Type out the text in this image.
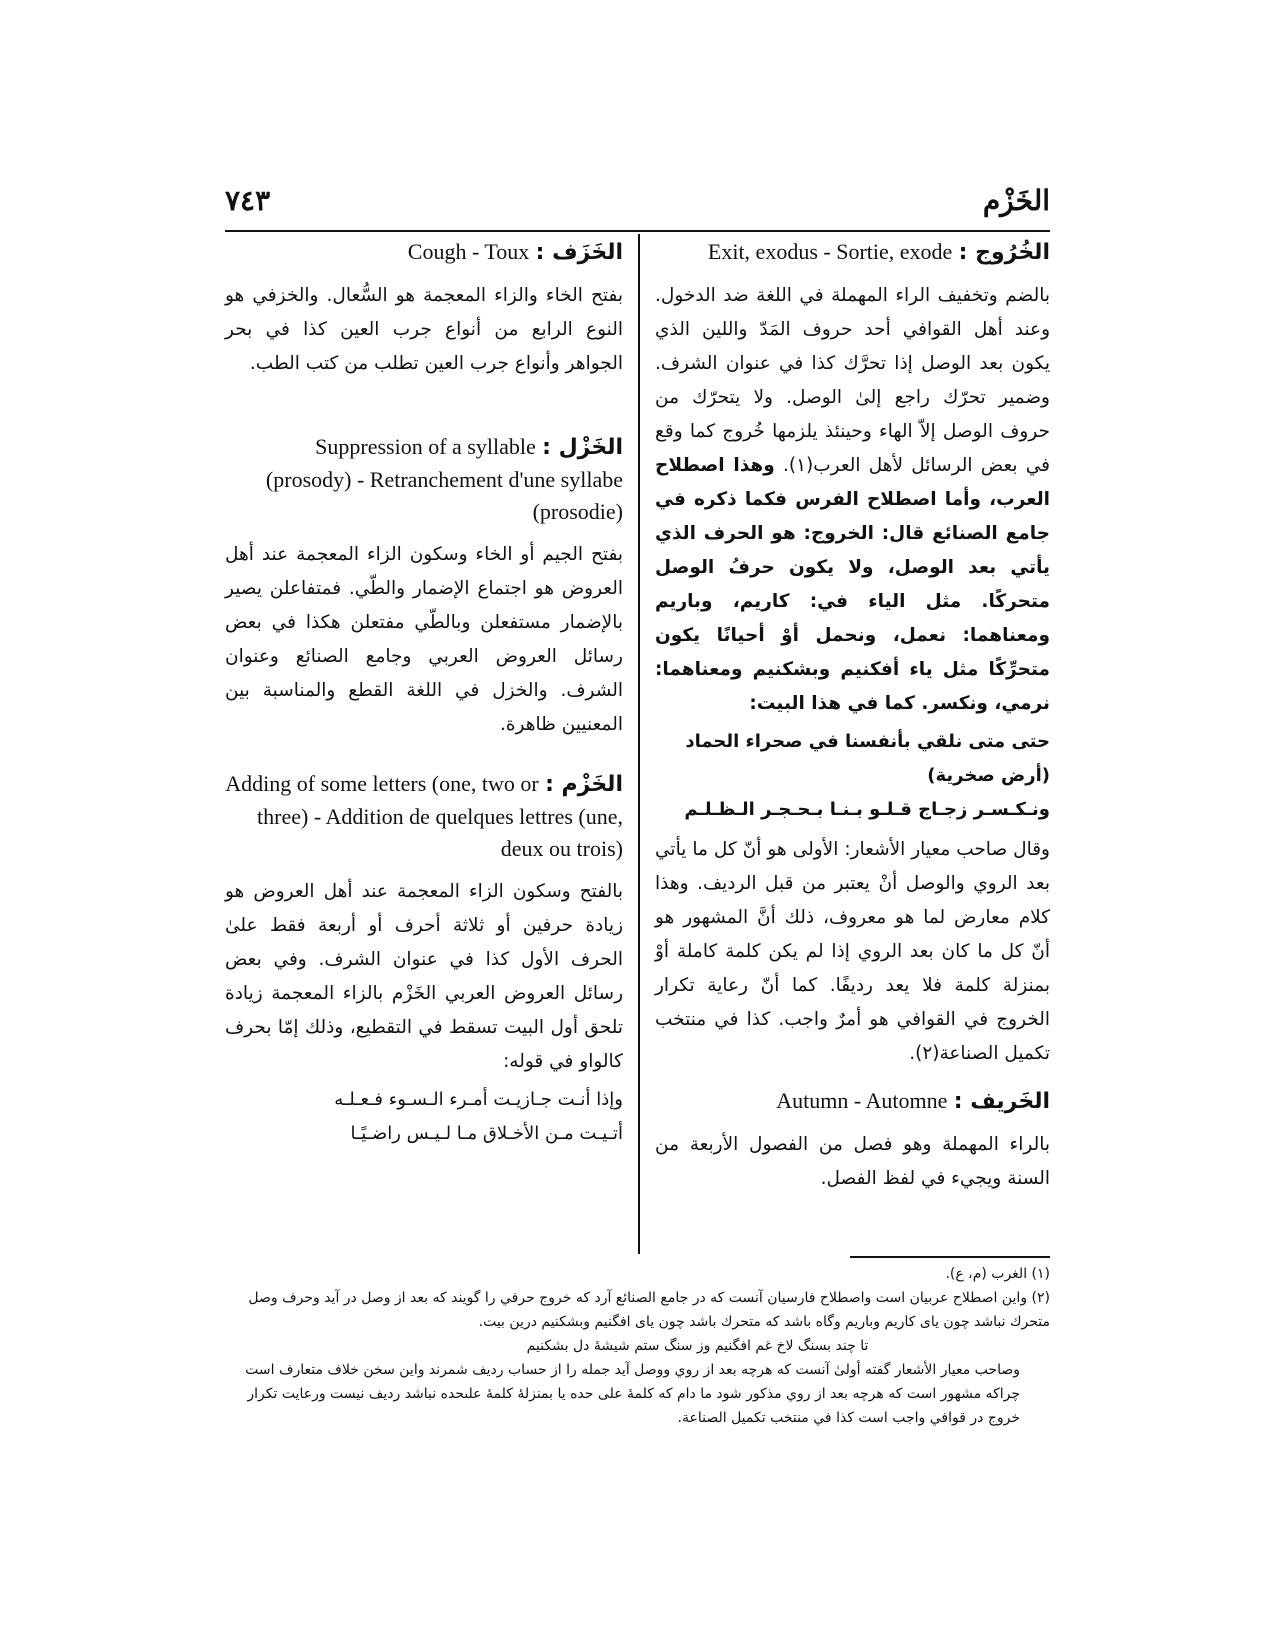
الخَزْم
٧٤٣
الخُرُوج : Exit, exodus - Sortie, exode
بالضم وتخفيف الراء المهملة في اللغة ضد الدخول. وعند أهل القوافي أحد حروف المَدّ واللين الذي يكون بعد الوصل إذا تحرَّك كذا في عنوان الشرف. وضمير تحرّك راجع إلىٰ الوصل. ولا يتحرّك من حروف الوصل إلاّ الهاء وحينئذ يلزمها خُروج كما وقع في بعض الرسائل لأهل العرب(١). وهذا اصطلاح العرب، وأما اصطلاح الفرس فكما ذكره في جامع الصنائع قال: الخروج: هو الحرف الذي يأتي بعد الوصل، ولا يكون حرفُ الوصل متحركًا. مثل الياء في: كاريم، وباريم ومعناهما: نعمل، ونحمل أوْ أحيانًا يكون متحرِّكًا مثل ياء أفكنيم وبشكنيم ومعناهما: نرمي، ونكسر. كما في هذا البيت:
حتى متى نلقي بأنفسنا في صحراء الحماد (أرض صخرية)
ونـكـسـر زجـاج قـلـو بـنـا بـحـجـر الـظـلـم
وقال صاحب معيار الأشعار: الأولى هو أنّ كل ما يأتي بعد الروي والوصل أنْ يعتبر من قبل الرديف. وهذا كلام معارض لما هو معروف، ذلك أنَّ المشهور هو أنّ كل ما كان بعد الروي إذا لم يكن كلمة كاملة أوْ بمنزلة كلمة فلا يعد رديفًا. كما أنّ رعاية تكرار الخروج في القوافي هو أمرٌ واجب. كذا في منتخب تكميل الصناعة(٢).
الخَريف : Autumn - Automne
بالراء المهملة وهو فصل من الفصول الأربعة من السنة ويجيء في لفظ الفصل.
الخَزَف : Cough - Toux
بفتح الخاء والزاء المعجمة هو السُّعال. والخزفي هو النوع الرابع من أنواع جرب العين كذا في بحر الجواهر وأنواع جرب العين تطلب من كتب الطب.
الخَزْل : Suppression of a syllable (prosody) - Retranchement d'une syllabe (prosodie)
بفتح الجيم أو الخاء وسكون الزاء المعجمة عند أهل العروض هو اجتماع الإضمار والطّي. فمتفاعلن يصير بالإضمار مستفعلن وبالطّي مفتعلن هكذا في بعض رسائل العروض العربي وجامع الصنائع وعنوان الشرف. والخزل في اللغة القطع والمناسبة بين المعنيين ظاهرة.
الخَزْم : Adding of some letters (one, two or three) - Addition de quelques lettres (une, deux ou trois)
بالفتح وسكون الزاء المعجمة عند أهل العروض هو زيادة حرفين أو ثلاثة أحرف أو أربعة فقط علىٰ الحرف الأول كذا في عنوان الشرف. وفي بعض رسائل العروض العربي الخَزْم بالزاء المعجمة زيادة تلحق أول البيت تسقط في التقطيع، وذلك إمّا بحرف كالواو في قوله:
وإذا أنـت جـازيـت أمـرء الـسـوء فـعـلـه
أتـيـت مـن الأخـلاق مـا لـيـس راضـيًـا

(١) الغرب (م، ع).

(٢) واين اصطلاح عربيان است واصطلاح فارسيان آنست كه در جامع الصنائع آرد كه خروج حرفي را گويند كه بعد از وصل در آيد وحرف وصل متحرك نباشد چون ياى كاريم وباريم وگاه باشد كه متحرك باشد چون ياى افگنيم وبشكنيم درين بيت.

تا چند بسنگ لاخ غم افگنيم وز سنگ ستم شيشهٔ دل بشكنيم

وصاحب معيار الأشعار گفته أولىٰ آنست كه هرچه بعد از روي ووصل آيد جمله را از حساب رديف شمرند واين سخن خلاف متعارف است چراكه مشهور است كه هرچه بعد از روي مذكور شود ما دام كه كلمهٔ على حده يا بمنزلهٔ كلمهٔ علىحده نباشد رديف نيست ورعايت تكرار خروج در قوافي واجب است كذا في منتخب تكميل الصناعة.
